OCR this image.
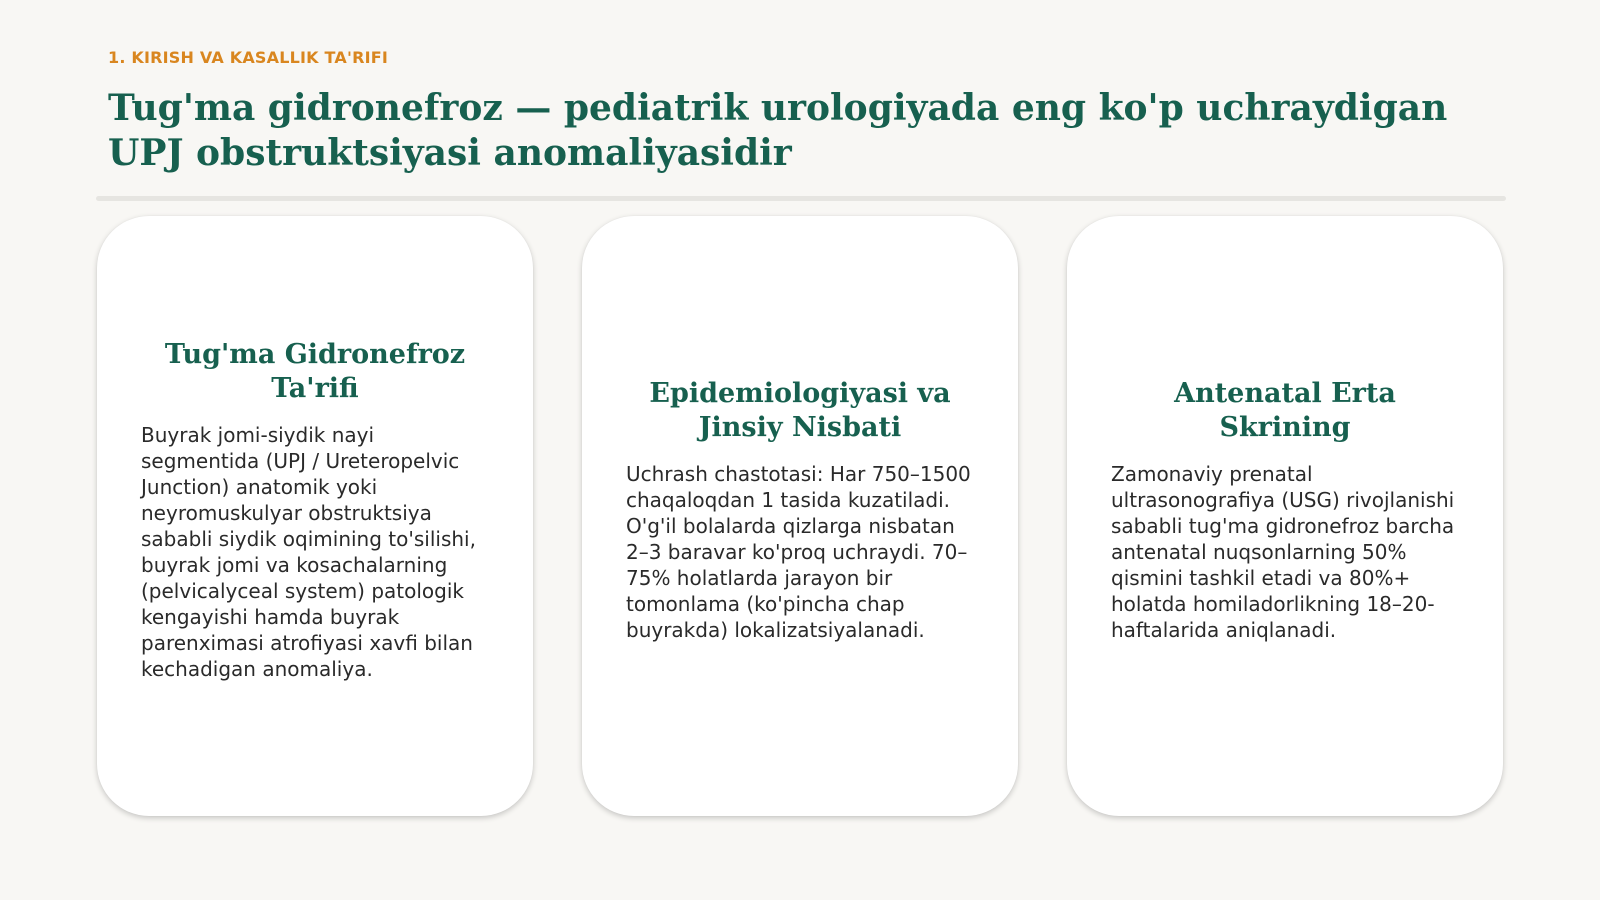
1. KIRISH VA KASALLIK TA'RIFI
Tug'ma gidronefroz — pediatrik urologiyada eng ko'p uchraydigan UPJ obstruktsiyasi anomaliyasidir
Tug'ma Gidronefroz Ta'rifi

Buyrak jomi-siydik nayi segmentida (UPJ / Ureteropelvic Junction) anatomik yoki neyromuskulyar obstruktsiya sababli siydik oqimining to'silishi, buyrak jomi va kosachalarning (pelvicalyceal system) patologik kengayishi hamda buyrak parenximasi atrofiyasi xavfi bilan kechadigan anomaliya.

Epidemiologiyasi va Jinsiy Nisbati

Uchrash chastotasi: Har 750–1500 chaqaloqdan 1 tasida kuzatiladi. O'g'il bolalarda qizlarga nisbatan 2–3 baravar ko'proq uchraydi. 70–75% holatlarda jarayon bir tomonlama (ko'pincha chap buyrakda) lokalizatsiyalanadi.

Antenatal Erta Skrining

Zamonaviy prenatal ultrasonografiya (USG) rivojlanishi sababli tug'ma gidronefroz barcha antenatal nuqsonlarning 50% qismini tashkil etadi va 80%+ holatda homiladorlikning 18–20-haftalarida aniqlanadi.
